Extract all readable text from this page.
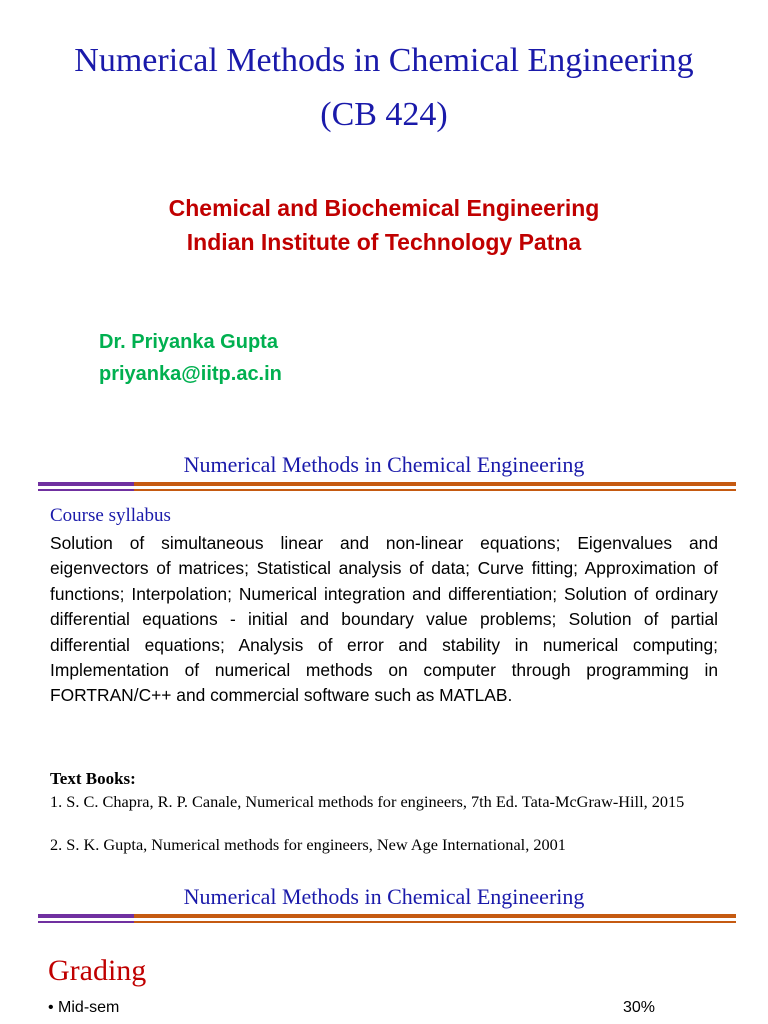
Numerical Methods in Chemical Engineering
(CB 424)
Chemical and Biochemical Engineering
Indian Institute of Technology Patna
Dr. Priyanka Gupta
priyanka@iitp.ac.in
Numerical Methods in Chemical Engineering
Course syllabus
Solution of simultaneous linear and non-linear equations; Eigenvalues and eigenvectors of matrices; Statistical analysis of data; Curve fitting; Approximation of functions; Interpolation; Numerical integration and differentiation; Solution of ordinary differential equations - initial and boundary value problems; Solution of partial differential equations; Analysis of error and stability in numerical computing; Implementation of numerical methods on computer through programming in FORTRAN/C++ and commercial software such as MATLAB.
Text Books:
1. S. C. Chapra, R. P. Canale, Numerical methods for engineers, 7th Ed. Tata-McGraw-Hill, 2015
2. S. K. Gupta, Numerical methods for engineers, New Age International, 2001
Numerical Methods in Chemical Engineering
Grading
• Mid-sem	30%
